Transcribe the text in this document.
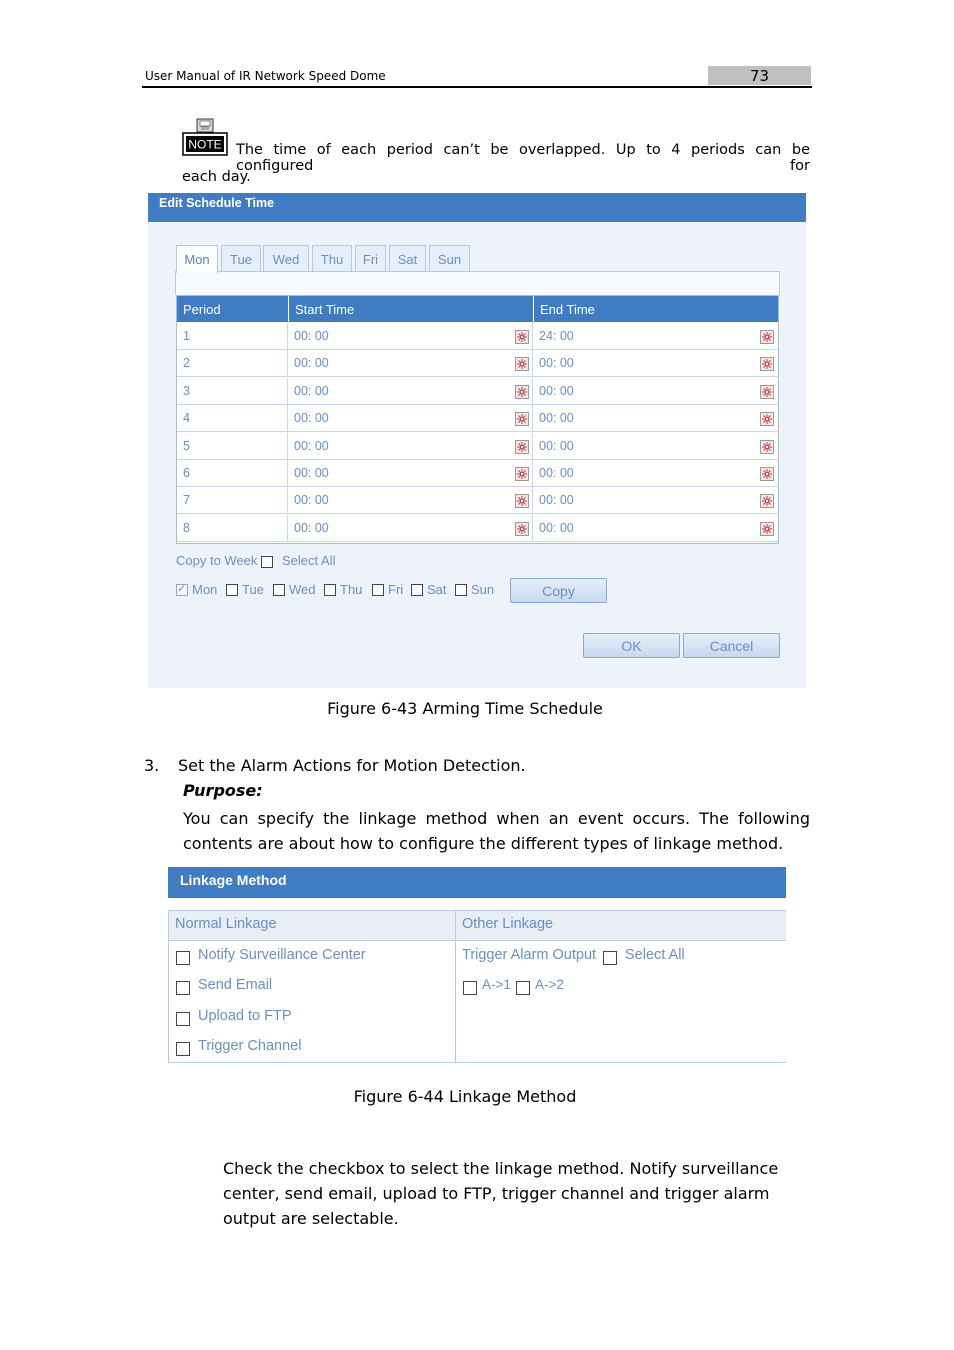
User Manual of IR Network Speed Dome	73
NOTE The time of each period can’t be overlapped. Up to 4 periods can be configured for
each day.
Edit Schedule Time
Mon	Tue	Wed	Thu	Fri	Sat	Sun
Period	Start Time	End Time
1	00: 00	24: 00
2	00: 00	00: 00
3	00: 00	00: 00
4	00: 00	00: 00
5	00: 00	00: 00
6	00: 00	00: 00
7	00: 00	00: 00
8	00: 00	00: 00
Copy to Week Select All
✓
Mon Tue Wed Thu Fri Sat Sun	Copy
OK	Cancel
Figure 6-43 Arming Time Schedule
3. Set the Alarm Actions for Motion Detection.
Purpose:
You can specify the linkage method when an event occurs. The following contents are about how to configure the different types of linkage method.
Linkage Method
Normal Linkage	Other Linkage
Notify Surveillance Center
Send Email
Upload to FTP
Trigger Channel
Trigger Alarm Output Select All
A->1 A->2
Figure 6-44 Linkage Method
Check the checkbox to select the linkage method. Notify surveillance center, send email, upload to FTP, trigger channel and trigger alarm output are selectable.
